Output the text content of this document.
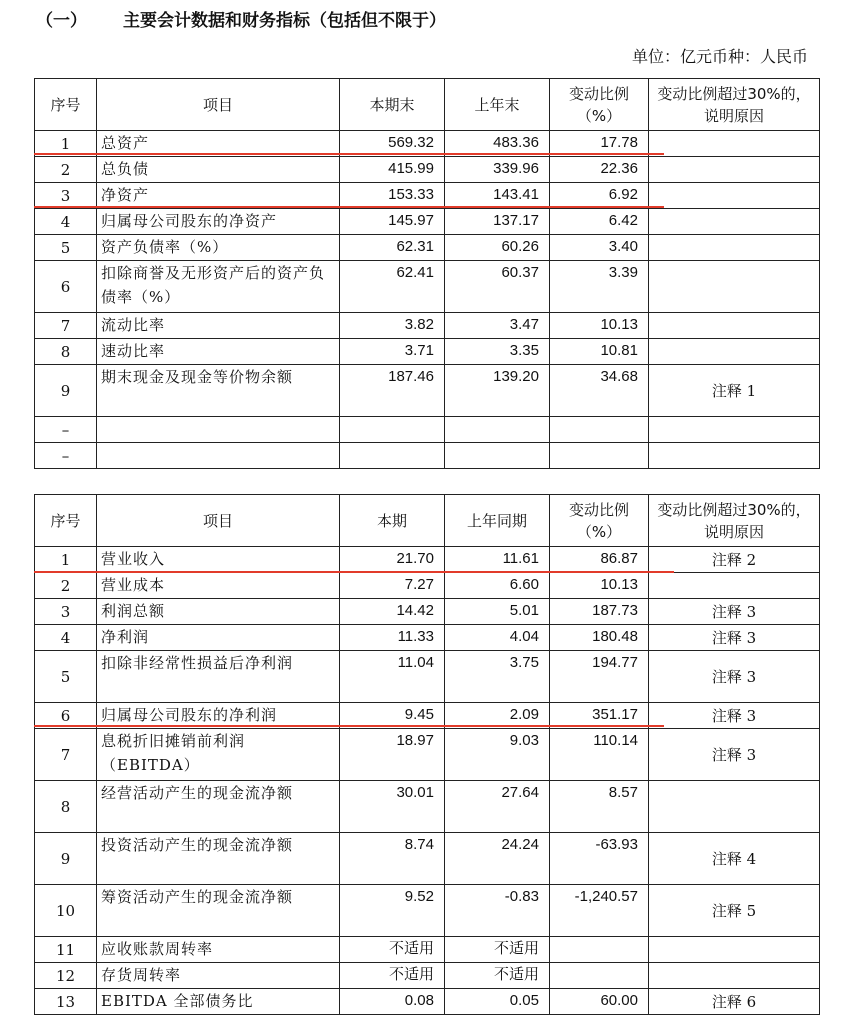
（一） 主要会计数据和财务指标（包括但不限于）
单位：亿元币种：人民币
序号	项目	本期末	上年末	变动比例（%）	变动比例超过30%的，说明原因
1	总资产	569.32	483.36	17.78	
2	总负债	415.99	339.96	22.36	
3	净资产	153.33	143.41	6.92	
4	归属母公司股东的净资产	145.97	137.17	6.42	
5	资产负债率（%）	62.31	60.26	3.40	
6	扣除商誉及无形资产后的资产负债率（%）	62.41	60.37	3.39	
7	流动比率	3.82	3.47	10.13	
8	速动比率	3.71	3.35	10.81	
9	期末现金及现金等价物余额	187.46	139.20	34.68	注释 1
–					
–					
序号	项目	本期	上年同期	变动比例（%）	变动比例超过30%的，说明原因
1	营业收入	21.70	11.61	86.87	注释 2
2	营业成本	7.27	6.60	10.13	
3	利润总额	14.42	5.01	187.73	注释 3
4	净利润	11.33	4.04	180.48	注释 3
5	扣除非经常性损益后净利润	11.04	3.75	194.77	注释 3
6	归属母公司股东的净利润	9.45	2.09	351.17	注释 3
7	息税折旧摊销前利润（EBITDA）	18.97	9.03	110.14	注释 3
8	经营活动产生的现金流净额	30.01	27.64	8.57	
9	投资活动产生的现金流净额	8.74	24.24	-63.93	注释 4
10	筹资活动产生的现金流净额	9.52	-0.83	-1,240.57	注释 5
11	应收账款周转率	不适用	不适用		
12	存货周转率	不适用	不适用		
13	EBITDA 全部债务比	0.08	0.05	60.00	注释 6
